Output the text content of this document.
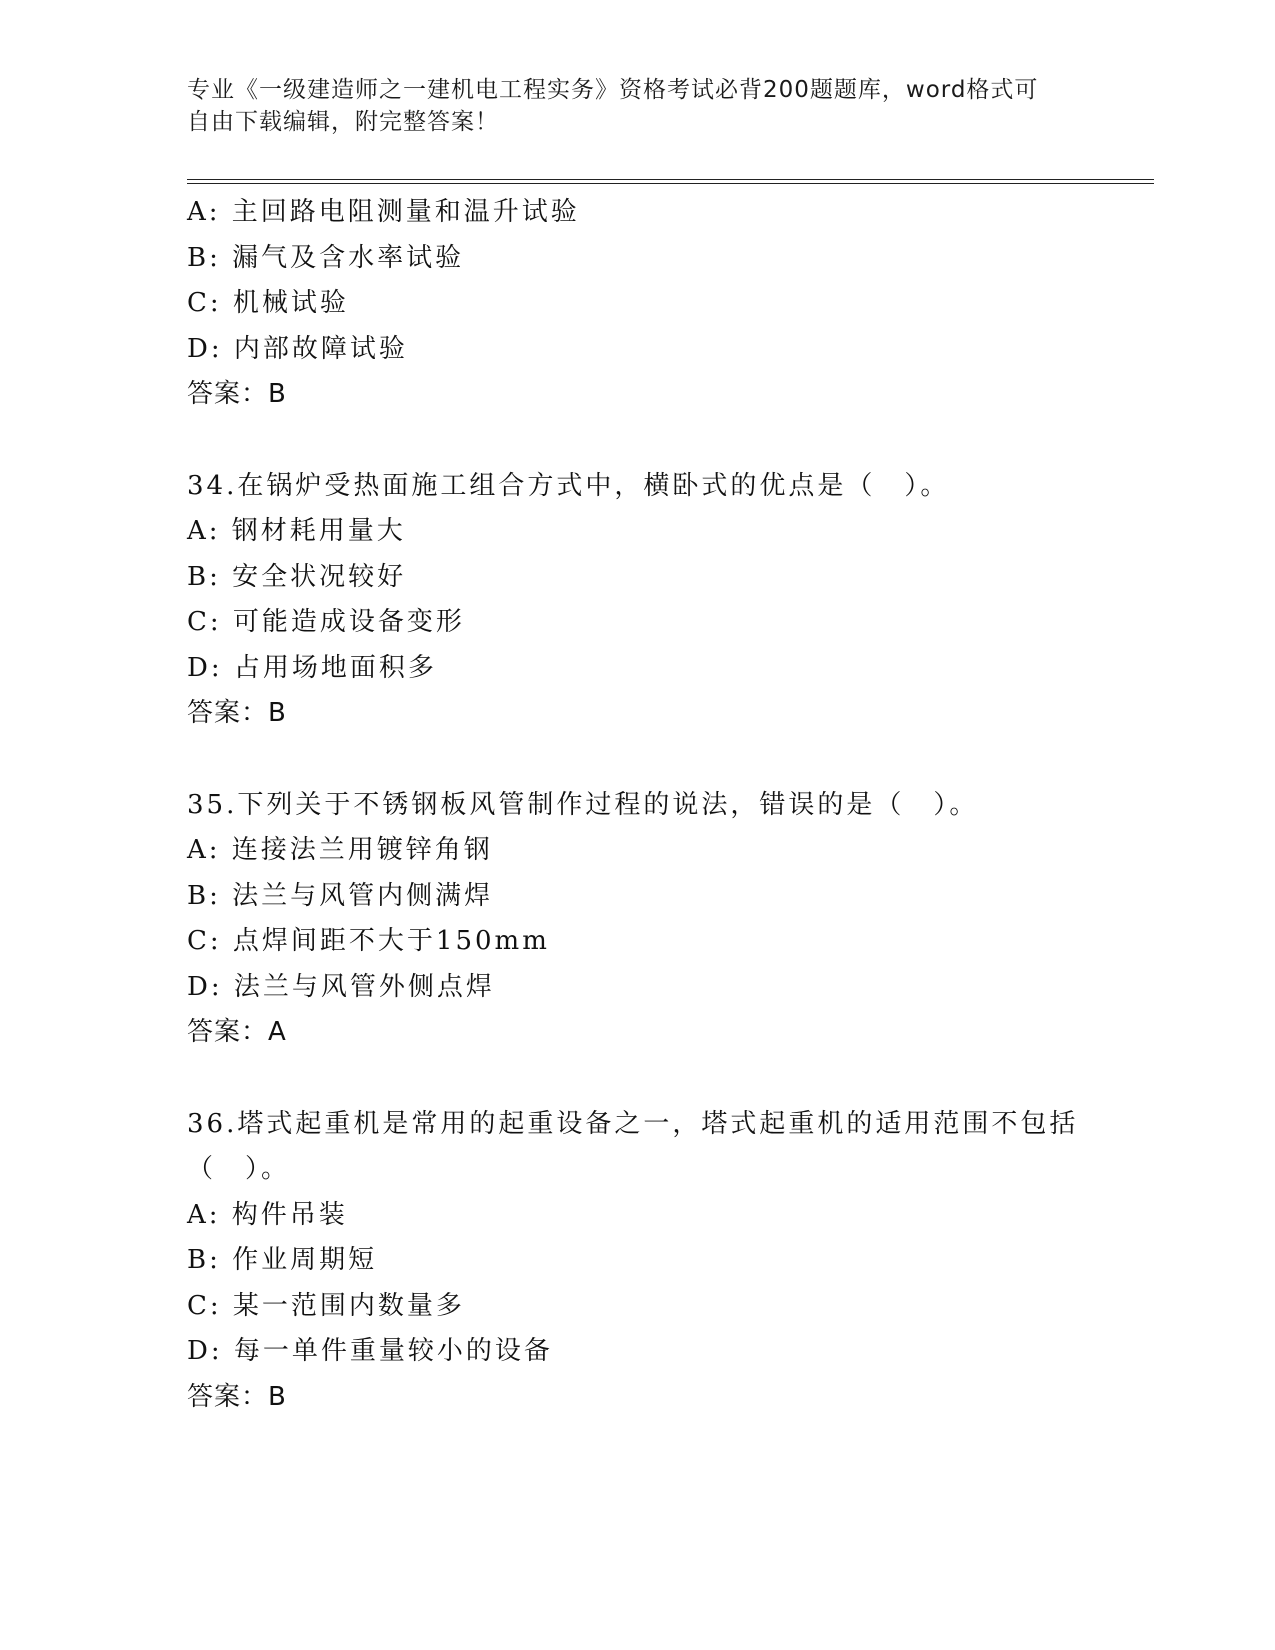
专业《一级建造师之一建机电工程实务》资格考试必背200题题库，word格式可
自由下载编辑，附完整答案！
A: 主回路电阻测量和温升试验
B: 漏气及含水率试验
C: 机械试验
D: 内部故障试验
答案：B
34.在锅炉受热面施工组合方式中，横卧式的优点是（　）。
A: 钢材耗用量大
B: 安全状况较好
C: 可能造成设备变形
D: 占用场地面积多
答案：B
35.下列关于不锈钢板风管制作过程的说法，错误的是（　）。
A: 连接法兰用镀锌角钢
B: 法兰与风管内侧满焊
C: 点焊间距不大于150mm
D: 法兰与风管外侧点焊
答案：A
36.塔式起重机是常用的起重设备之一，塔式起重机的适用范围不包括
（　）。
A: 构件吊装
B: 作业周期短
C: 某一范围内数量多
D: 每一单件重量较小的设备
答案：B
